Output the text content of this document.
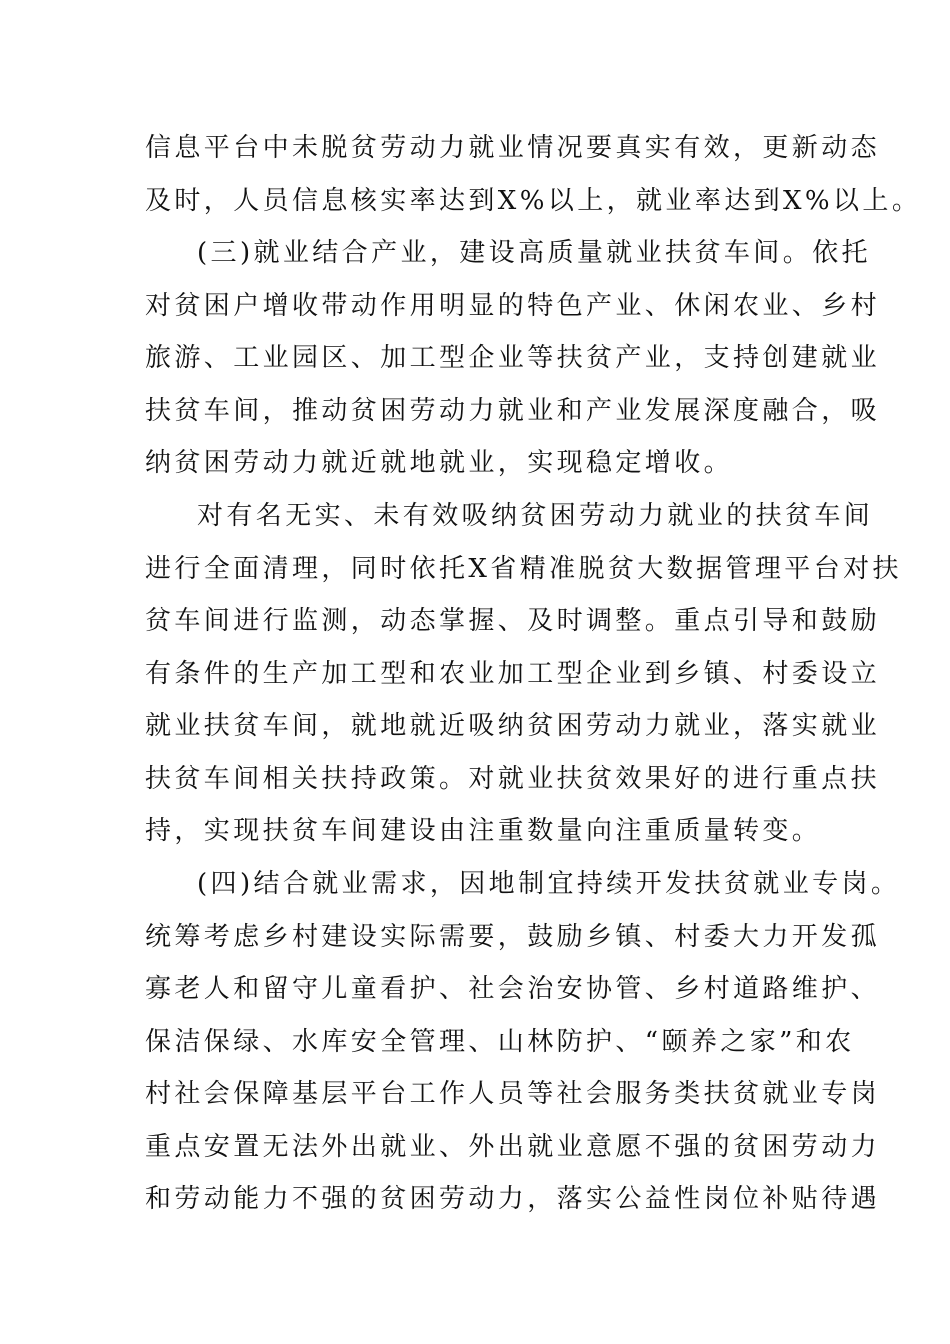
信息平台中未脱贫劳动力就业情况要真实有效，更新动态

及时，人员信息核实率达到X%以上，就业率达到X%以上。

(三)就业结合产业，建设高质量就业扶贫车间。依托

对贫困户增收带动作用明显的特色产业、休闲农业、乡村

旅游、工业园区、加工型企业等扶贫产业，支持创建就业

扶贫车间，推动贫困劳动力就业和产业发展深度融合，吸

纳贫困劳动力就近就地就业，实现稳定增收。

对有名无实、未有效吸纳贫困劳动力就业的扶贫车间

进行全面清理，同时依托X省精准脱贫大数据管理平台对扶

贫车间进行监测，动态掌握、及时调整。重点引导和鼓励

有条件的生产加工型和农业加工型企业到乡镇、村委设立

就业扶贫车间，就地就近吸纳贫困劳动力就业，落实就业

扶贫车间相关扶持政策。对就业扶贫效果好的进行重点扶

持，实现扶贫车间建设由注重数量向注重质量转变。

(四)结合就业需求，因地制宜持续开发扶贫就业专岗。

统筹考虑乡村建设实际需要，鼓励乡镇、村委大力开发孤

寡老人和留守儿童看护、社会治安协管、乡村道路维护、

保洁保绿、水库安全管理、山林防护、“颐养之家”和农

村社会保障基层平台工作人员等社会服务类扶贫就业专岗

重点安置无法外出就业、外出就业意愿不强的贫困劳动力

和劳动能力不强的贫困劳动力，落实公益性岗位补贴待遇
